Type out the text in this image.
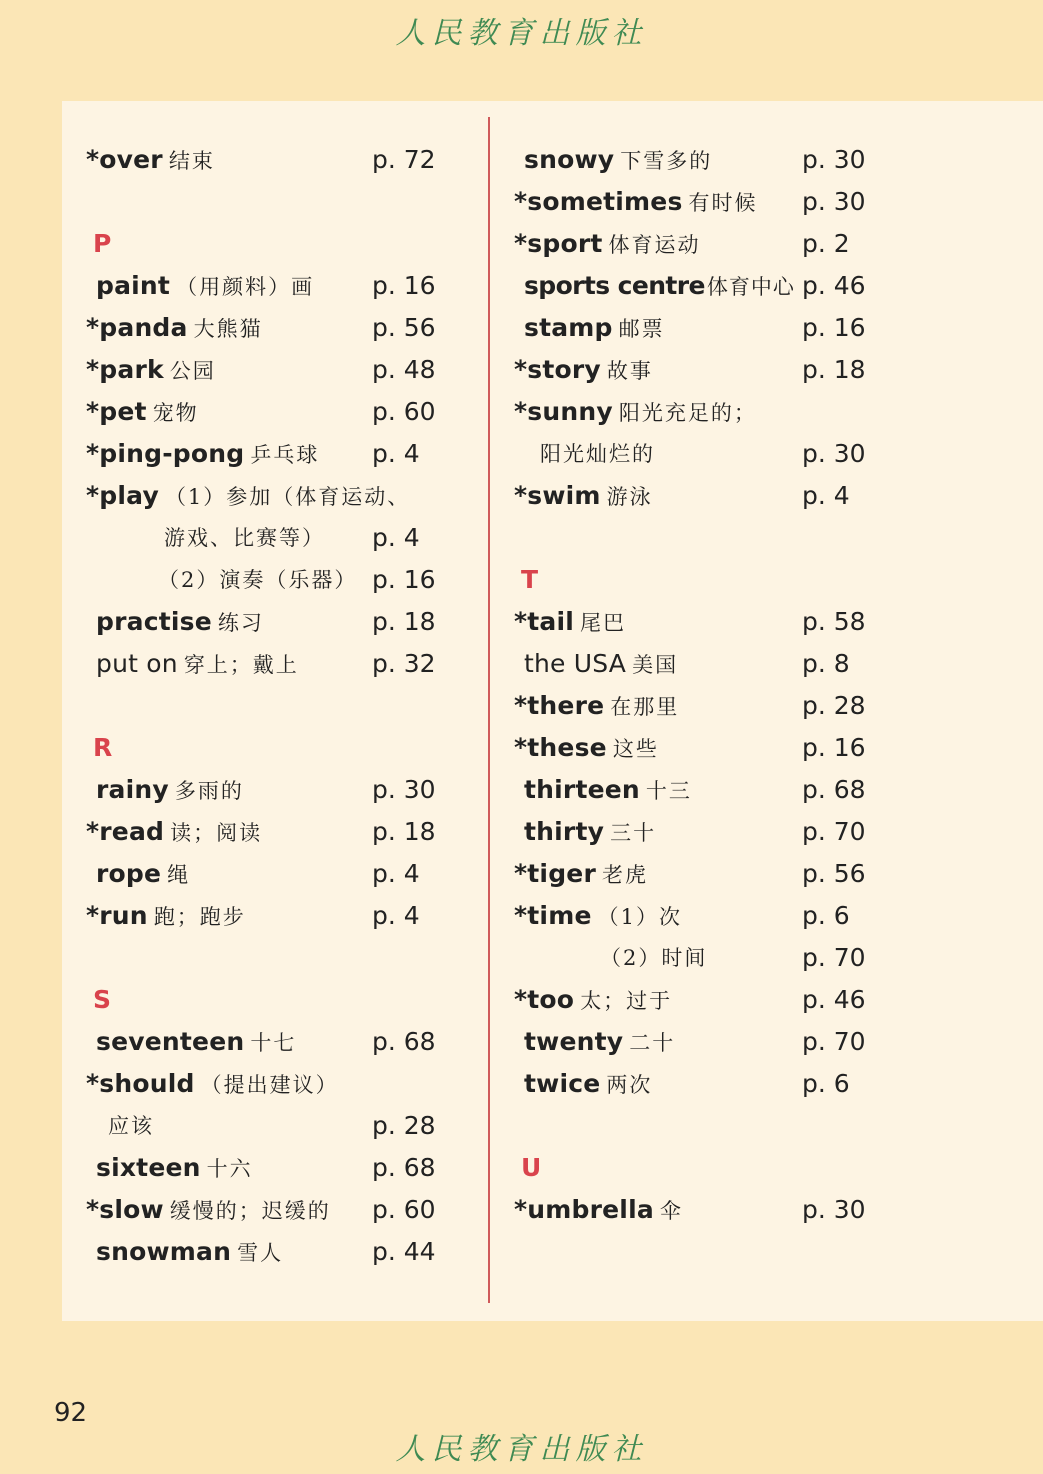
人民教育出版社
*over 结束	p. 72
P
paint （用颜料）画 p. 16
*panda 大熊猫	p. 56
*park 公园	p. 48
*pet 宠物	p. 60
*ping-pong 乒乓球 p. 4
*play （1）参加（体育运动、
游戏、比赛等） p. 4
（2）演奏（乐器） p. 16
practise 练习	p. 18
put on 穿上；戴上	p. 32
R
rainy 多雨的	p. 30
*read 读；阅读	p. 18
rope 绳	p. 4
*run 跑；跑步	p. 4
S
seventeen 十七	p. 68
*should （提出建议）
应该	p. 28
sixteen 十六	p. 68
*slow 缓慢的；迟缓的 p. 60
snowman 雪人	p. 44
snowy 下雪多的	p. 30
*sometimes 有时候 p. 30
*sport 体育运动	p. 2
sports centre体育中心 p. 46
stamp 邮票	p. 16
*story 故事	p. 18
*sunny 阳光充足的；
阳光灿烂的	p. 30
*swim 游泳	p. 4
T
*tail 尾巴	p. 58
the USA 美国	p. 8
*there 在那里	p. 28
*these 这些	p. 16
thirteen 十三	p. 68
thirty 三十	p. 70
*tiger 老虎	p. 56
*time （1）次	p. 6
（2）时间	p. 70
*too 太；过于	p. 46
twenty 二十	p. 70
twice 两次	p. 6
U
*umbrella 伞	p. 30
92
人民教育出版社
